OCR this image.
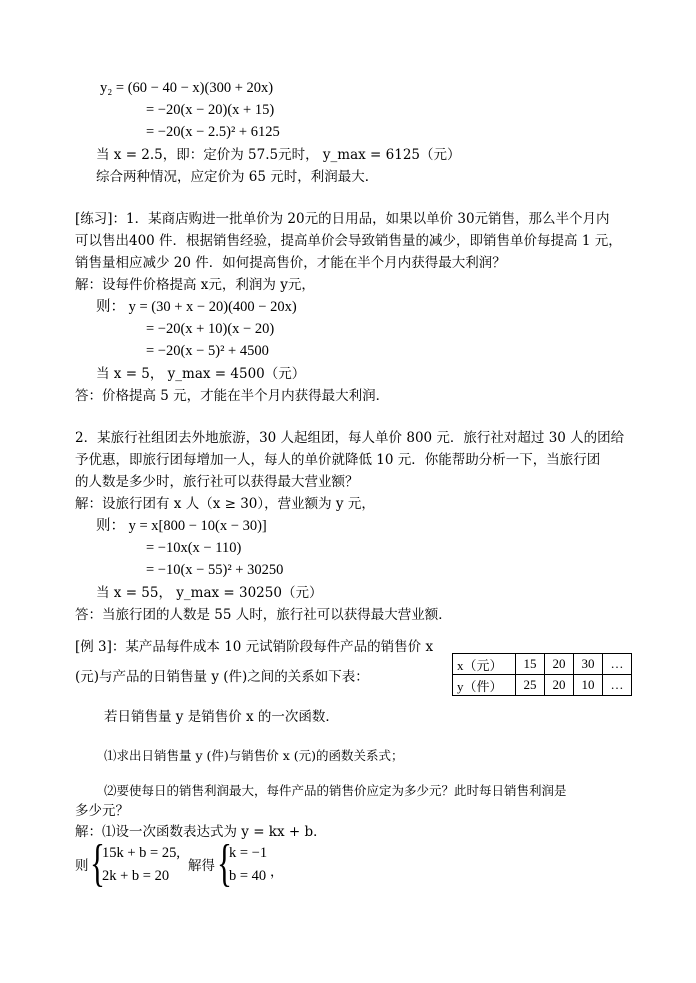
y₂ = (60 − 40 − x)(300 + 20x)
= −20(x − 20)(x + 15)
= −20(x − 2.5)² + 6125
当 x = 2.5，即：定价为 57.5元时， y_max = 6125（元）
综合两种情况，应定价为 65 元时，利润最大．
[练习]：1．某商店购进一批单价为 20元的日用品，如果以单价 30元销售，那么半个月内
可以售出400 件．根据销售经验，提高单价会导致销售量的减少，即销售单价每提高 1 元，
销售量相应减少 20 件．如何提高售价，才能在半个月内获得最大利润？
解：设每件价格提高 x元，利润为 y元，
则： y = (30 + x − 20)(400 − 20x)
= −20(x + 10)(x − 20)
= −20(x − 5)² + 4500
当 x = 5， y_max = 4500（元）
答：价格提高 5 元，才能在半个月内获得最大利润．
2．某旅行社组团去外地旅游，30 人起组团，每人单价 800 元．旅行社对超过 30 人的团给
予优惠，即旅行团每增加一人，每人的单价就降低 10 元．你能帮助分析一下，当旅行团
的人数是多少时，旅行社可以获得最大营业额？
解：设旅行团有 x 人（x ≥ 30），营业额为 y 元，
则： y = x[800 − 10(x − 30)]
= −10x(x − 110)
= −10(x − 55)² + 30250
当 x = 55， y_max = 30250（元）
答：当旅行团的人数是 55 人时，旅行社可以获得最大营业额．
[例 3]：某产品每件成本 10 元试销阶段每件产品的销售价 x
(元)与产品的日销售量 y (件)之间的关系如下表：
x（元）	15	20	30	…
y（件）	25	20	10	…
若日销售量 y 是销售价 x 的一次函数．
⑴求出日销售量 y (件)与销售价 x (元)的函数关系式；
⑵要使每日的销售利润最大，每件产品的销售价应定为多少元？此时每日销售利润是
多少元？
解：⑴设一次函数表达式为 y = kx + b．
则 {
15k + b = 25,
2k + b = 20
解得 {
k = −1
b = 40 ，
